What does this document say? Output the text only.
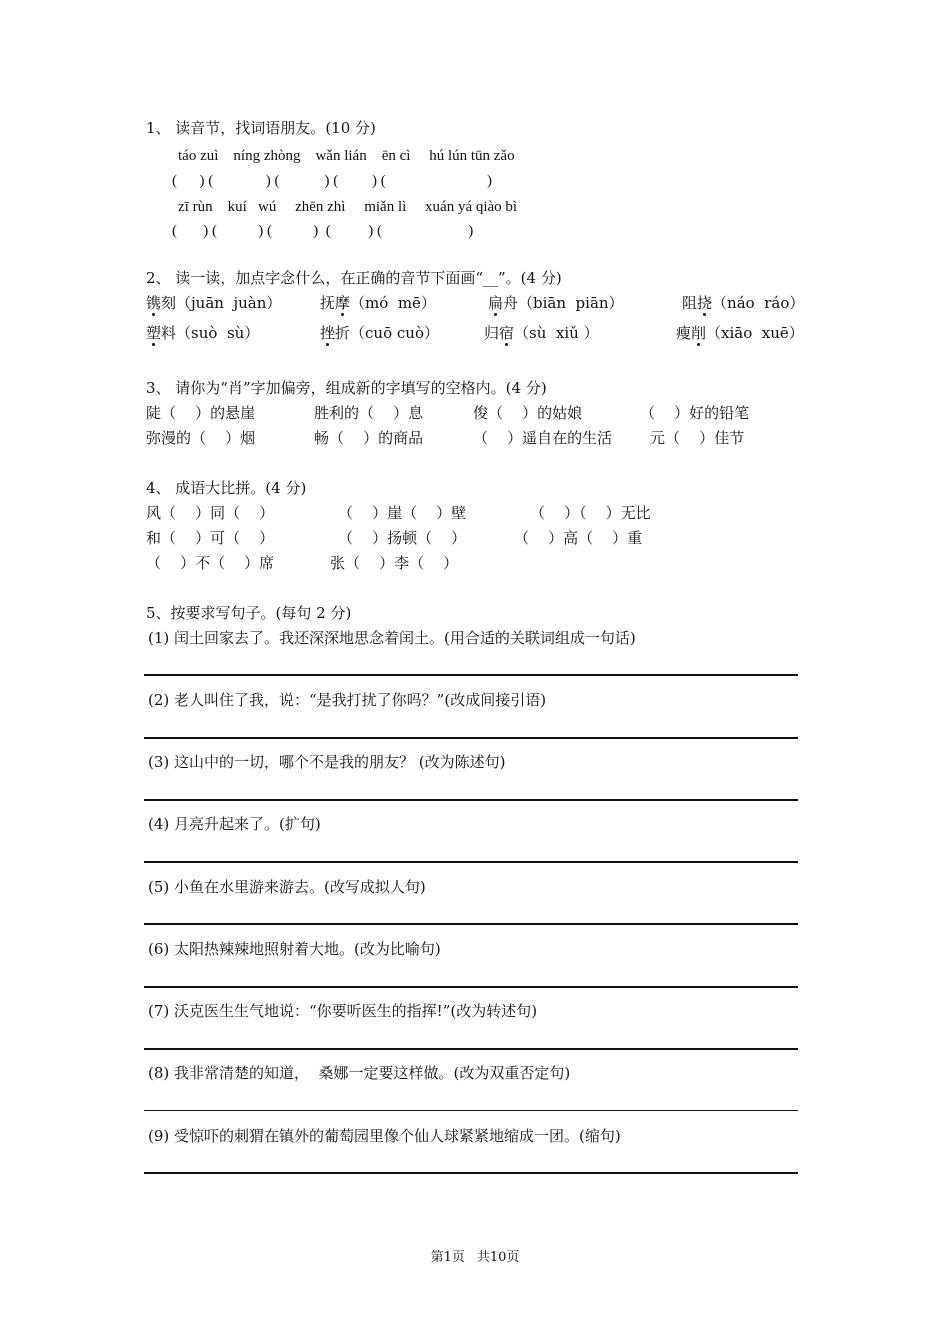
1、 读音节，找词语朋友。(10 分)
táo zuì    níng zhòng    wǎn lián    ēn cì     hú lún tūn zǎo
(      ) (              ) (            ) (         ) (                           )
zī rùn    kuí   wú     zhēn zhì     miǎn lì     xuán yá qiào bì
(       ) (           ) (           )  (          ) (                       )
2、 读一读，加点字念什么，在正确的音节下面画“__”。(4 分)
镌刻（juān  juàn）	抚摩（mó  mē）	扁舟（biān  piān）	阻挠（náo  ráo）
塑料（suò  sù）	挫折（cuō cuò）	归宿（sù  xiǔ ）	瘦削（xiāo  xuē）
3、 请你为“肖”字加偏旁，组成新的字填写的空格内。(4 分)
陡（    ）的悬崖	胜利的（    ）息	俊（    ）的姑娘	（    ）好的铅笔
弥漫的（    ）烟	畅（    ）的商品	（    ）遥自在的生活	元（    ）佳节
4、 成语大比拼。(4 分)
风（    ）同（    ）	（    ）崖（    ）壁	（    ）（    ）无比
和（    ）可（    ）	（    ）扬顿（    ）	（    ）高（    ）重
（    ）不（    ）席	张（    ）李（    ）
5、按要求写句子。(每句 2 分)
(1) 闰土回家去了。我还深深地思念着闰土。(用合适的关联词组成一句话)
(2) 老人叫住了我，说：“是我打扰了你吗？”(改成间接引语)
(3) 这山中的一切，哪个不是我的朋友？ (改为陈述句)
(4) 月亮升起来了。(扩句)
(5) 小鱼在水里游来游去。(改写成拟人句)
(6) 太阳热辣辣地照射着大地。(改为比喻句)
(7) 沃克医生生气地说：“你要听医生的指挥!”(改为转述句)
(8) 我非常清楚的知道，  桑娜一定要这样做。(改为双重否定句)
(9) 受惊吓的刺猬在镇外的葡萄园里像个仙人球紧紧地缩成一团。(缩句)
第1页 共10页
